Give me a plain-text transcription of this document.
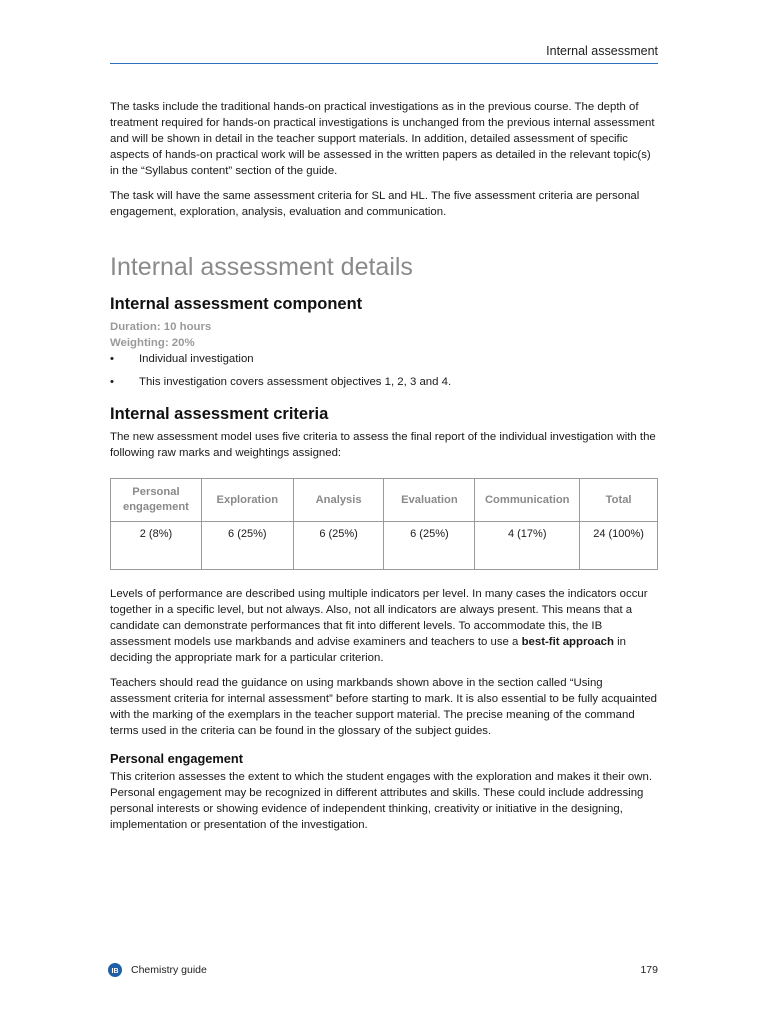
Internal assessment

The tasks include the traditional hands-on practical investigations as in the previous course. The depth of treatment required for hands-on practical investigations is unchanged from the previous internal assessment and will be shown in detail in the teacher support materials. In addition, detailed assessment of specific aspects of hands-on practical work will be assessed in the written papers as detailed in the relevant topic(s) in the “Syllabus content” section of the guide.

The task will have the same assessment criteria for SL and HL. The five assessment criteria are personal engagement, exploration, analysis, evaluation and communication.

Internal assessment details
Internal assessment component
Duration: 10 hours
Weighting: 20%
• Individual investigation
• This investigation covers assessment objectives 1, 2, 3 and 4.
Internal assessment criteria

The new assessment model uses five criteria to assess the final report of the individual investigation with the following raw marks and weightings assigned:

Personal engagement	Exploration	Analysis	Evaluation	Communication	Total
2 (8%)	6 (25%)	6 (25%)	6 (25%)	4 (17%)	24 (100%)

Levels of performance are described using multiple indicators per level. In many cases the indicators occur together in a specific level, but not always. Also, not all indicators are always present. This means that a candidate can demonstrate performances that fit into different levels. To accommodate this, the IB assessment models use markbands and advise examiners and teachers to use a best-fit approach in deciding the appropriate mark for a particular criterion.

Teachers should read the guidance on using markbands shown above in the section called “Using assessment criteria for internal assessment” before starting to mark. It is also essential to be fully acquainted with the marking of the exemplars in the teacher support material. The precise meaning of the command terms used in the criteria can be found in the glossary of the subject guides.

Personal engagement

This criterion assesses the extent to which the student engages with the exploration and makes it their own. Personal engagement may be recognized in different attributes and skills. These could include addressing personal interests or showing evidence of independent thinking, creativity or initiative in the designing, implementation or presentation of the investigation.

IB Chemistry guide	179
